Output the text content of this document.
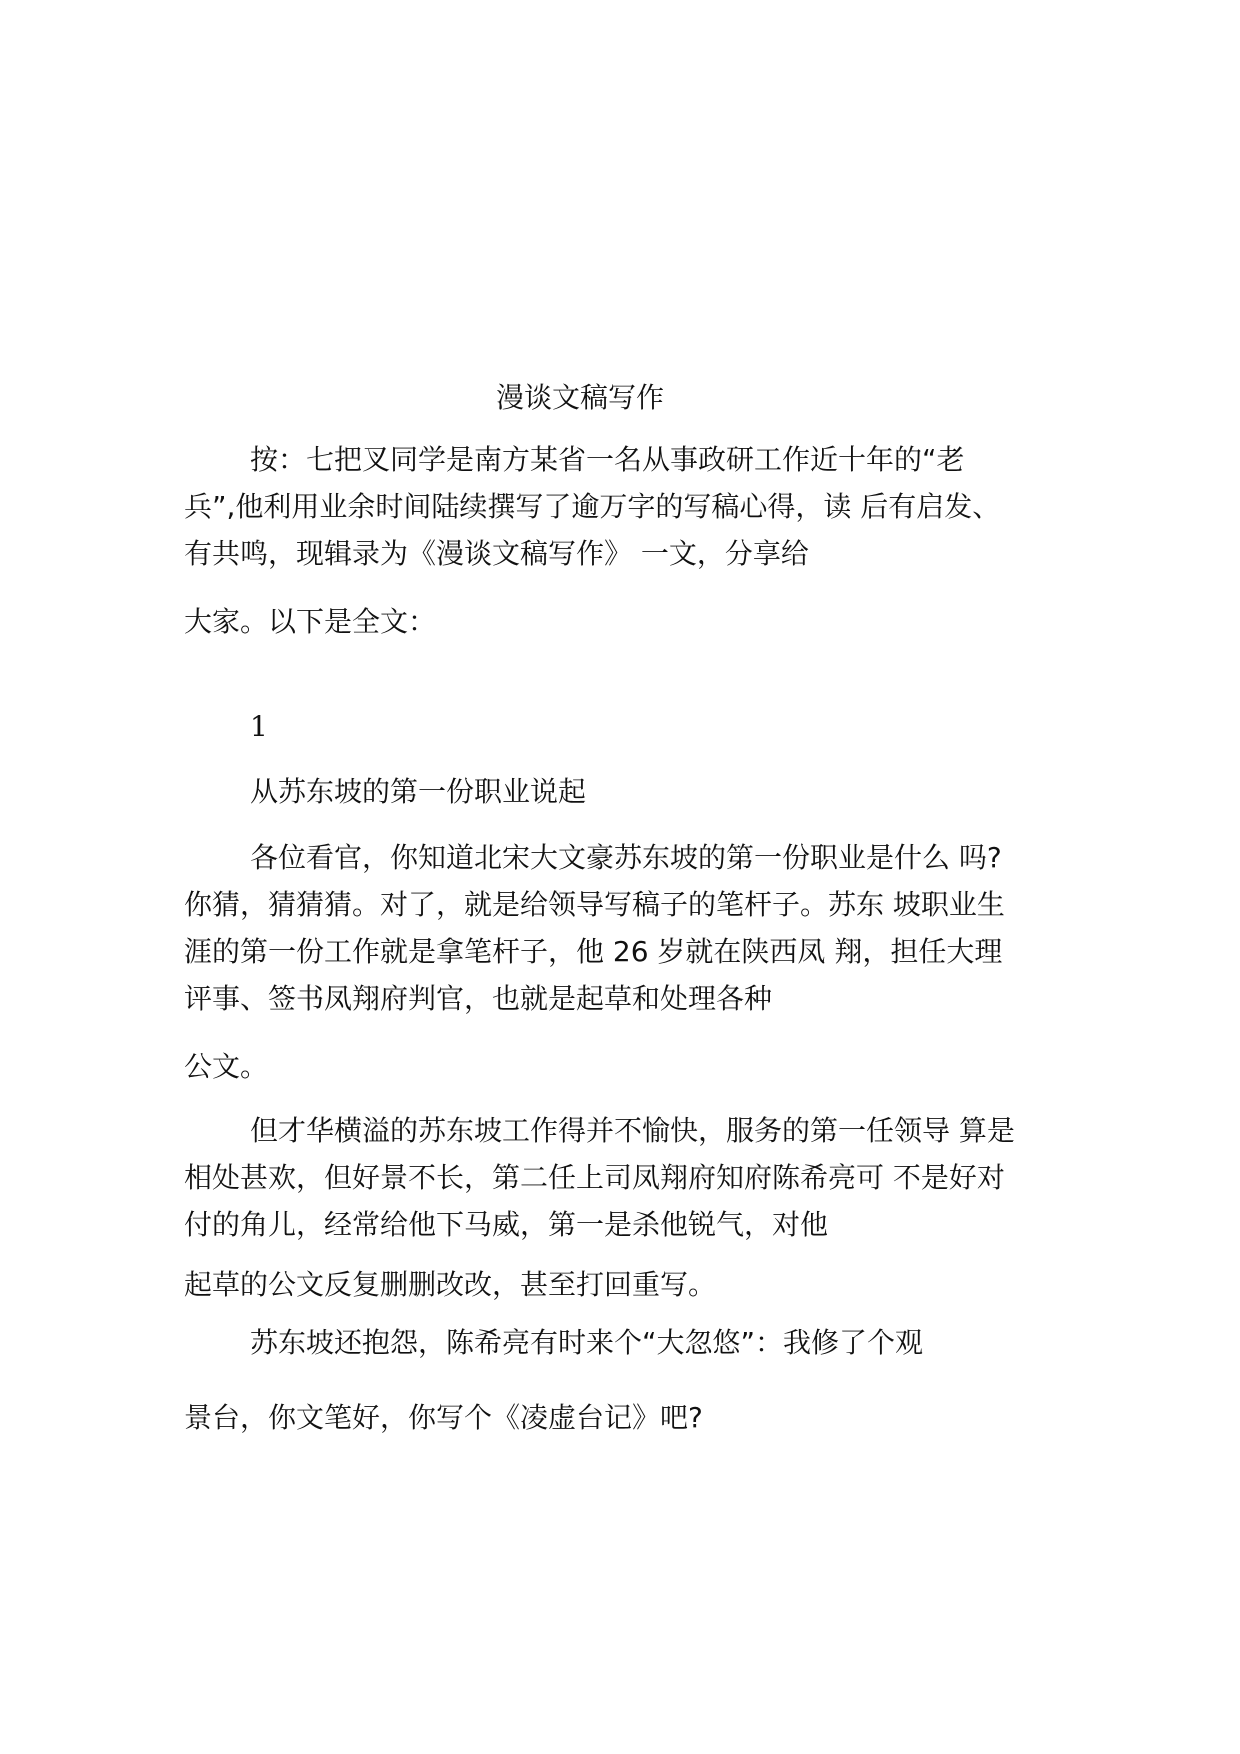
漫谈文稿写作
按：七把叉同学是南方某省一名从事政研工作近十年的“老
兵”,他利用业余时间陆续撰写了逾万字的写稿心得，读 后有启发、
有共鸣，现辑录为《漫谈文稿写作》 一文，分享给
大家。以下是全文：
1
从苏东坡的第一份职业说起
各位看官，你知道北宋大文豪苏东坡的第一份职业是什么 吗?
你猜，猜猜猜。对了，就是给领导写稿子的笔杆子。苏东 坡职业生
涯的第一份工作就是拿笔杆子，他 26 岁就在陕西凤 翔，担任大理
评事、签书凤翔府判官，也就是起草和处理各种
公文。
但才华横溢的苏东坡工作得并不愉快，服务的第一任领导 算是
相处甚欢，但好景不长，第二任上司凤翔府知府陈希亮可 不是好对
付的角儿，经常给他下马威，第一是杀他锐气，对他
起草的公文反复删删改改，甚至打回重写。
苏东坡还抱怨，陈希亮有时来个“大忽悠”：我修了个观
景台，你文笔好，你写个《凌虚台记》吧?
